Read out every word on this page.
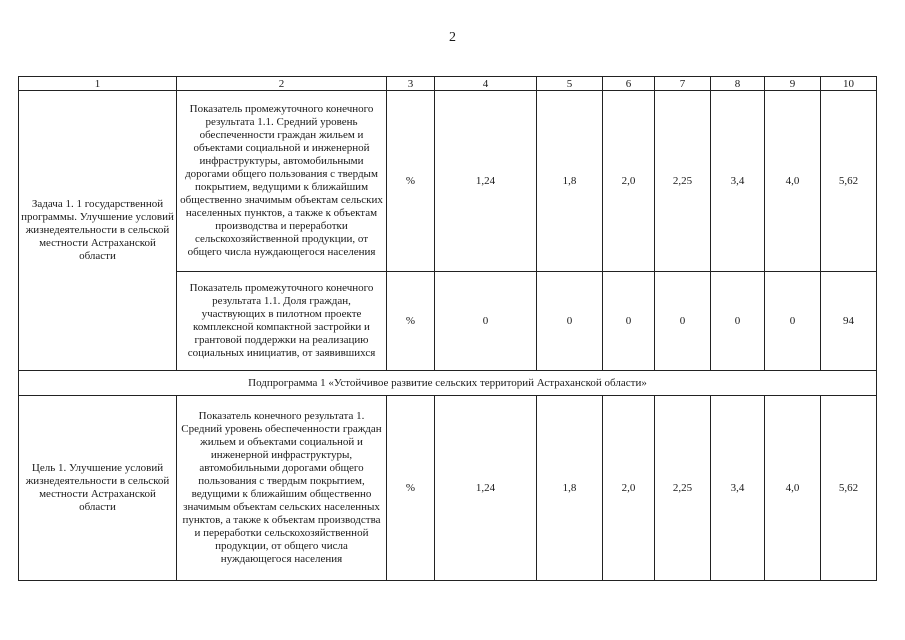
2
1	2	3	4	5	6	7	8	9	10
Задача 1. 1 государственной программы. Улучшение условий жизнедеятельности в сельской местности Астраханской области	Показатель промежуточного конечного результата 1.1. Средний уровень обеспеченности граждан жильем и объектами социальной и инженерной инфраструктуры, автомобильными дорогами общего пользования с твердым покрытием, ведущими к ближайшим общественно значимым объектам сельских населенных пунктов, а также к объектам производства и переработки сельскохозяйственной продукции, от общего числа нуждающегося населения	%	1,24	1,8	2,0	2,25	3,4	4,0	5,62
	Показатель промежуточного конечного результата 1.1. Доля граждан, участвующих в пилотном проекте комплексной компактной застройки и грантовой поддержки на реализацию социальных инициатив, от заявившихся	%	0	0	0	0	0	0	94
Подпрограмма 1 «Устойчивое развитие сельских территорий Астраханской области»									
Цель 1. Улучшение условий жизнедеятельности в сельской местности Астраханской области	Показатель конечного результата 1. Средний уровень обеспеченности граждан жильем и объектами социальной и инженерной инфраструктуры, автомобильными дорогами общего пользования с твердым покрытием, ведущими к ближайшим общественно значимым объектам сельских населенных пунктов, а также к объектам производства и переработки сельскохозяйственной продукции, от общего числа нуждающегося населения	%	1,24	1,8	2,0	2,25	3,4	4,0	5,62
